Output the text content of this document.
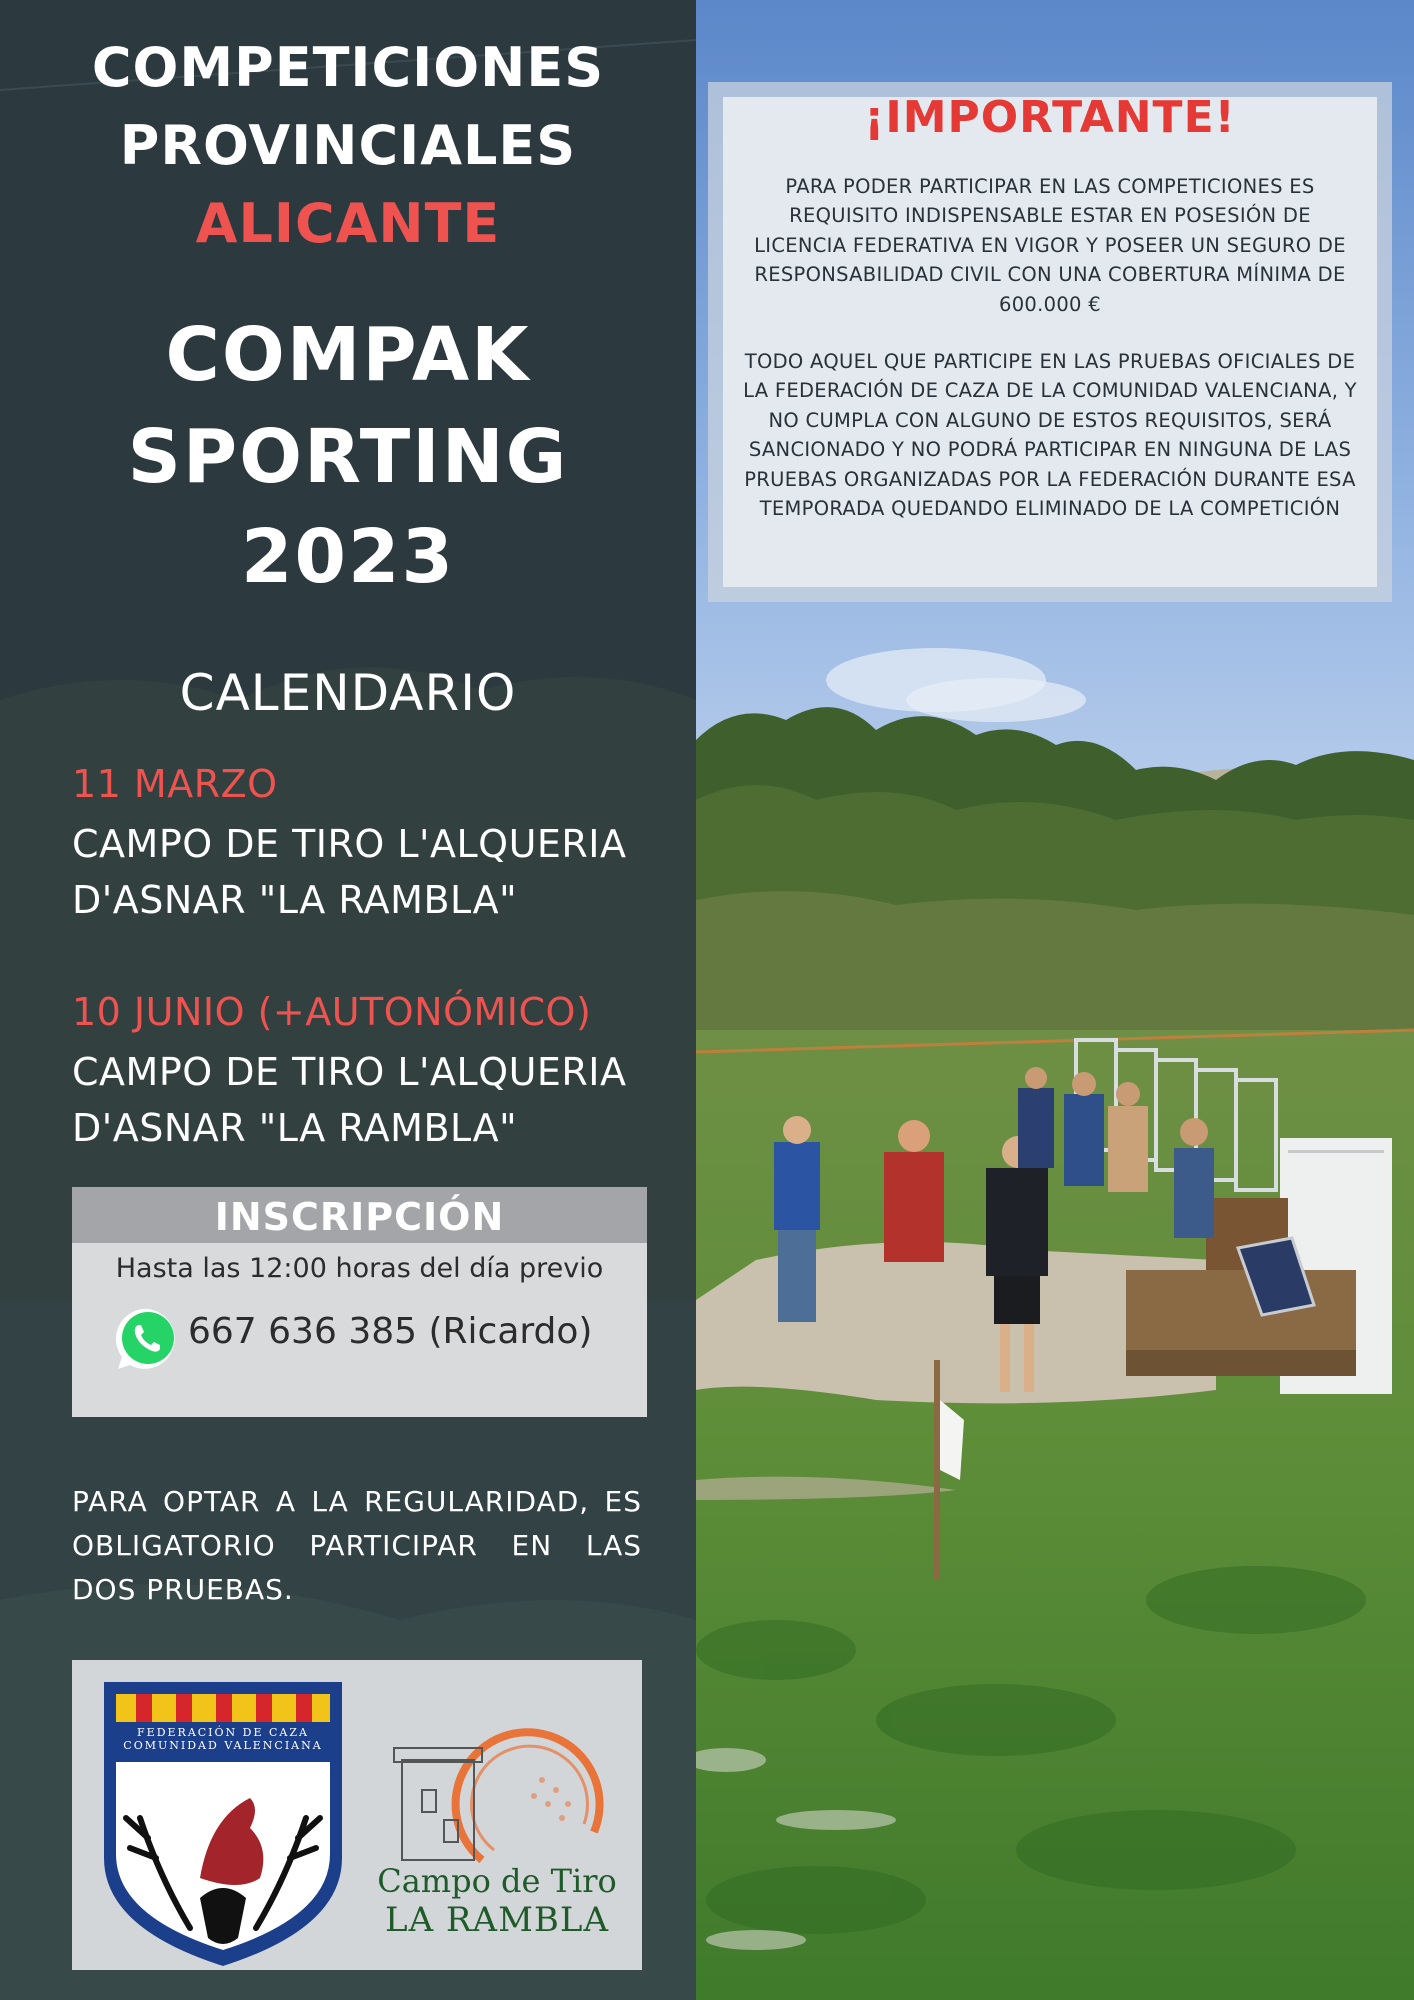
COMPETICIONES
PROVINCIALES
ALICANTE
COMPAK
SPORTING
2023
CALENDARIO
11 MARZO
CAMPO DE TIRO L'ALQUERIA
D'ASNAR "LA RAMBLA"
10 JUNIO (+AUTONÓMICO)
CAMPO DE TIRO L'ALQUERIA
D'ASNAR "LA RAMBLA"
INSCRIPCIÓN
Hasta las 12:00 horas del día previo
667 636 385 (Ricardo)
PARA OPTAR A LA REGULARIDAD, ES OBLIGATORIO PARTICIPAR EN LAS DOS PRUEBAS.
FEDERACIÓN DE CAZA
COMUNIDAD VALENCIANA
Campo de Tiro
LA RAMBLA
¡IMPORTANTE!
PARA PODER PARTICIPAR EN LAS COMPETICIONES ES REQUISITO INDISPENSABLE ESTAR EN POSESIÓN DE LICENCIA FEDERATIVA EN VIGOR Y POSEER UN SEGURO DE RESPONSABILIDAD CIVIL CON UNA COBERTURA MÍNIMA DE 600.000 €
TODO AQUEL QUE PARTICIPE EN LAS PRUEBAS OFICIALES DE LA FEDERACIÓN DE CAZA DE LA COMUNIDAD VALENCIANA, Y NO CUMPLA CON ALGUNO DE ESTOS REQUISITOS, SERÁ SANCIONADO Y NO PODRÁ PARTICIPAR EN NINGUNA DE LAS PRUEBAS ORGANIZADAS POR LA FEDERACIÓN DURANTE ESA TEMPORADA QUEDANDO ELIMINADO DE LA COMPETICIÓN
